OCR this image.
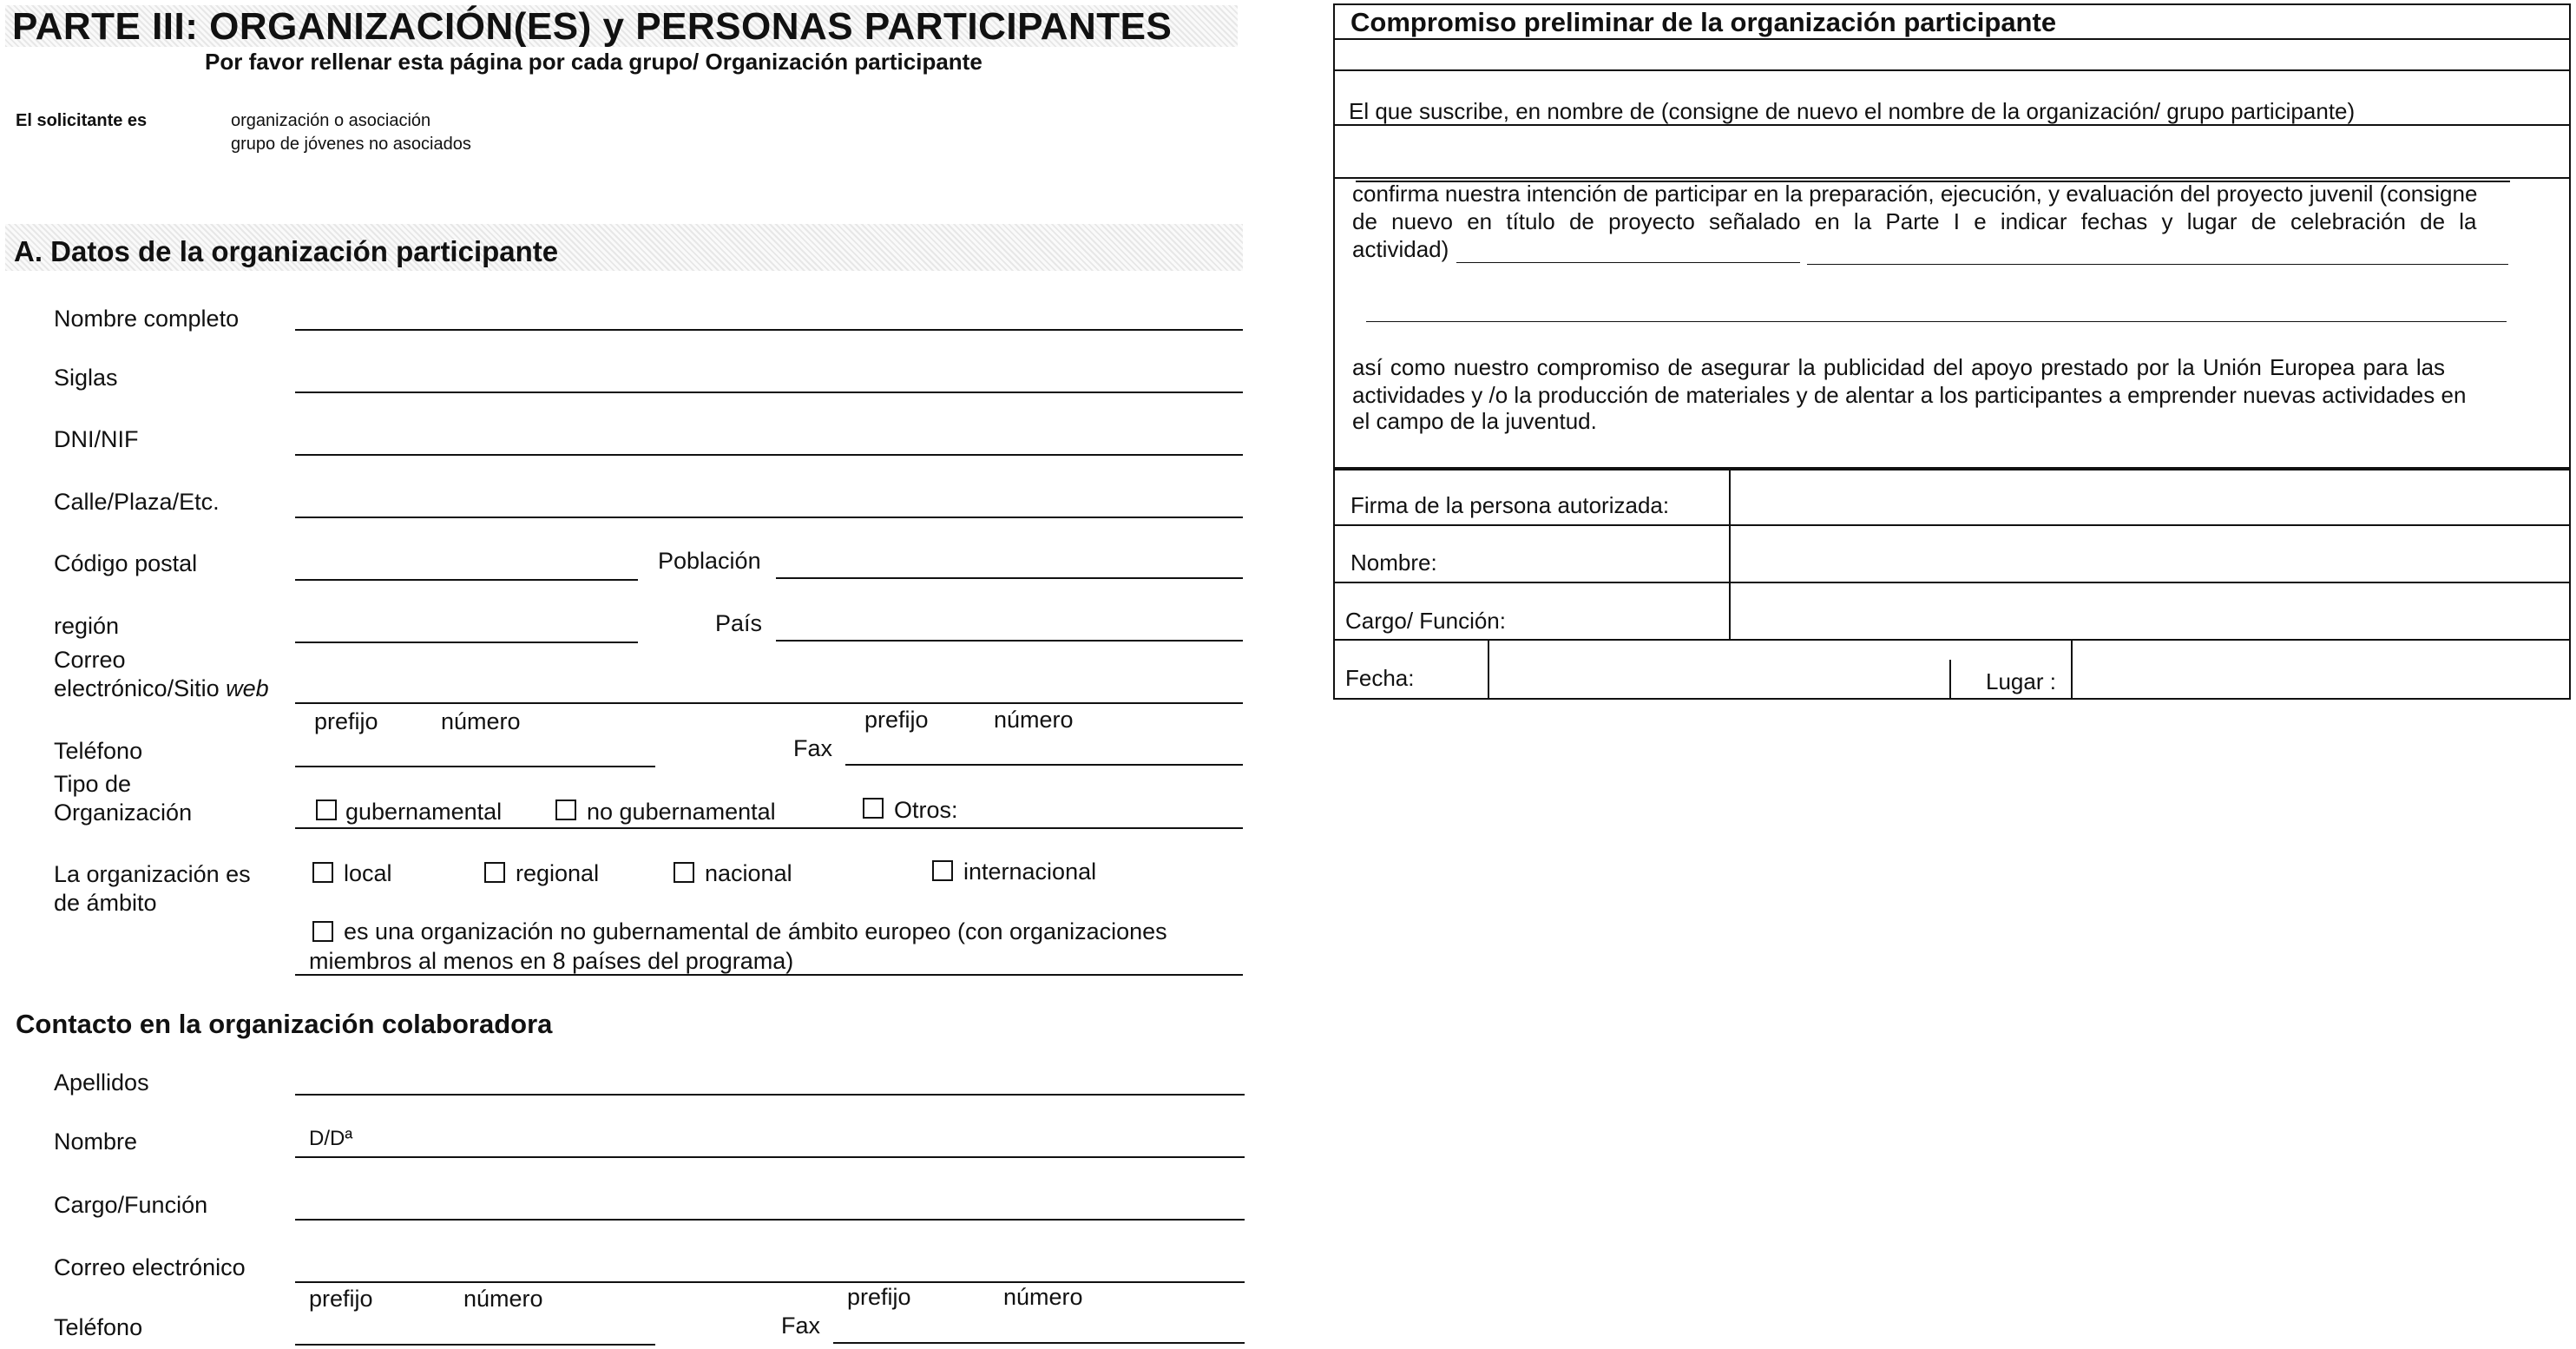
PARTE III: ORGANIZACIÓN(ES) y PERSONAS PARTICIPANTES
Por favor rellenar esta página por cada grupo/ Organización participante
El solicitante es	organización o asociación
grupo de jóvenes no asociados
A. Datos de la organización participante
Nombre completo
Siglas
DNI/NIF
Calle/Plaza/Etc.
Código postal	Población
región	País
Correo
electrónico/Sitio web
prefijo	número	prefijo	número
Teléfono	Fax
Tipo de
Organización	gubernamental	no gubernamental	Otros:
La organización es
de ámbito
local	regional	nacional	internacional
es una organización no gubernamental de ámbito europeo (con organizaciones
miembros al menos en 8 países del programa)
Contacto en la organización colaboradora
Apellidos
Nombre	D/Dª
Cargo/Función
Correo electrónico
prefijo	número	prefijo	número
Teléfono	Fax
Compromiso preliminar de la organización participante
El que suscribe, en nombre de (consigne de nuevo el nombre de la organización/ grupo participante)
confirma nuestra intención de participar en la preparación, ejecución, y evaluación del proyecto juvenil (consigne
de nuevo en título de proyecto señalado en la Parte I e indicar fechas y lugar de celebración de la
actividad)
así como nuestro compromiso de asegurar la publicidad del apoyo prestado por la Unión Europea para las
actividades y /o la producción de materiales y de alentar a los participantes a emprender nuevas actividades en
el campo de la juventud.
Firma de la persona autorizada:
Nombre:
Cargo/ Función:
Fecha:	Lugar :
